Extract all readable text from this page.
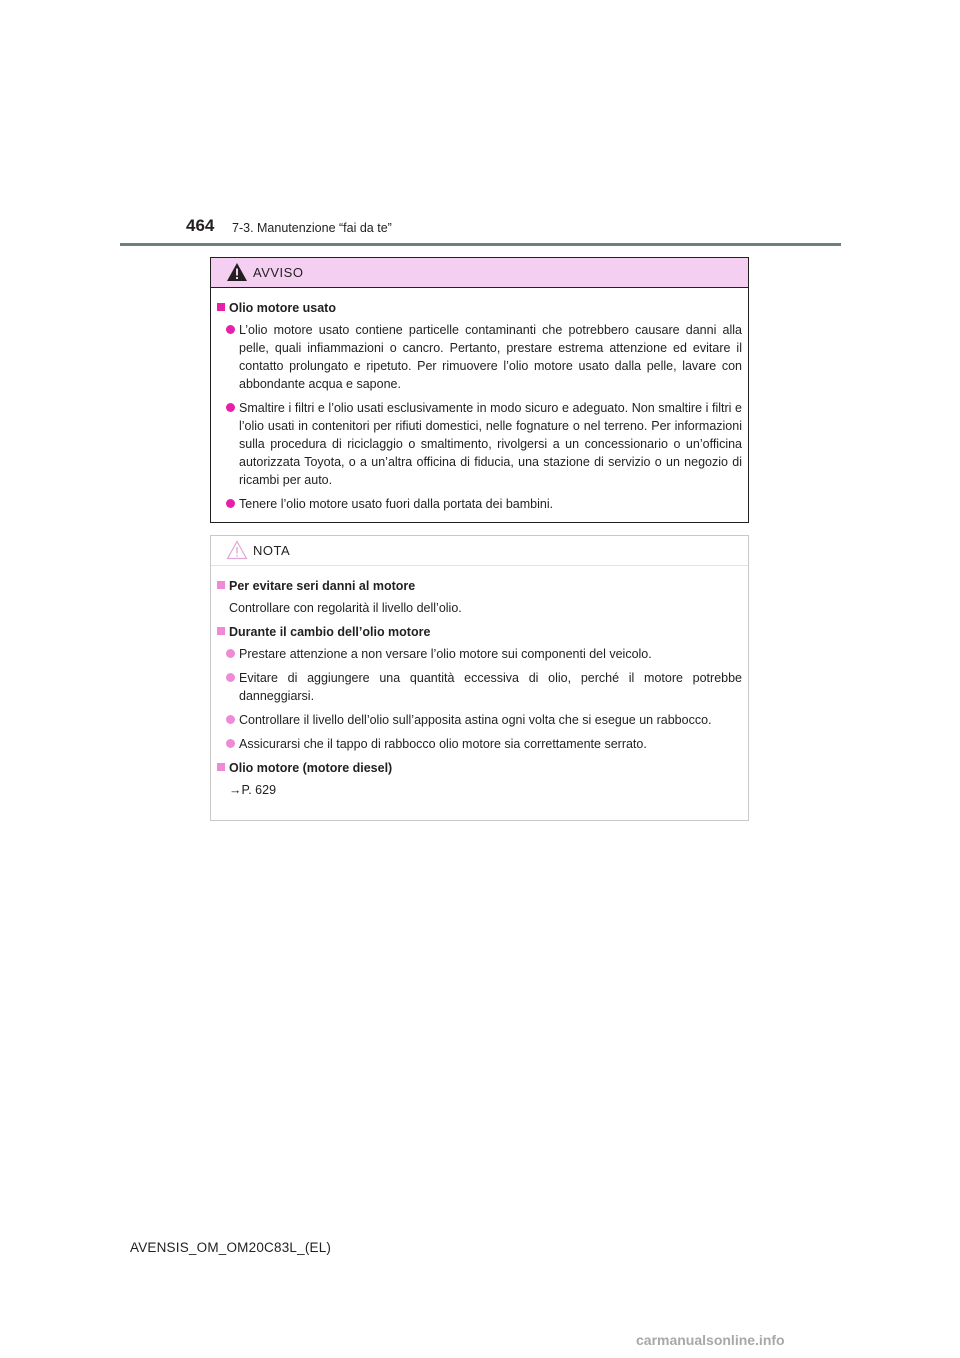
464 7-3. Manutenzione “fai da te”
AVVISO
Olio motore usato
L’olio motore usato contiene particelle contaminanti che potrebbero causare danni alla pelle, quali infiammazioni o cancro. Pertanto, prestare estrema attenzione ed evitare il contatto prolungato e ripetuto. Per rimuovere l’olio motore usato dalla pelle, lavare con abbondante acqua e sapone.
Smaltire i filtri e l’olio usati esclusivamente in modo sicuro e adeguato. Non smaltire i filtri e l’olio usati in contenitori per rifiuti domestici, nelle fognature o nel terreno. Per informazioni sulla procedura di riciclaggio o smaltimento, rivolgersi a un concessionario o un’officina autorizzata Toyota, o a un’altra officina di fiducia, una stazione di servizio o un negozio di ricambi per auto.
Tenere l’olio motore usato fuori dalla portata dei bambini.
NOTA
Per evitare seri danni al motore
Controllare con regolarità il livello dell’olio.
Durante il cambio dell’olio motore
Prestare attenzione a non versare l’olio motore sui componenti del veicolo.
Evitare di aggiungere una quantità eccessiva di olio, perché il motore potrebbe danneggiarsi.
Controllare il livello dell’olio sull’apposita astina ogni volta che si esegue un rabbocco.
Assicurarsi che il tappo di rabbocco olio motore sia correttamente serrato.
Olio motore (motore diesel)
→P. 629
AVENSIS_OM_OM20C83L_(EL)
carmanualsonline.info
